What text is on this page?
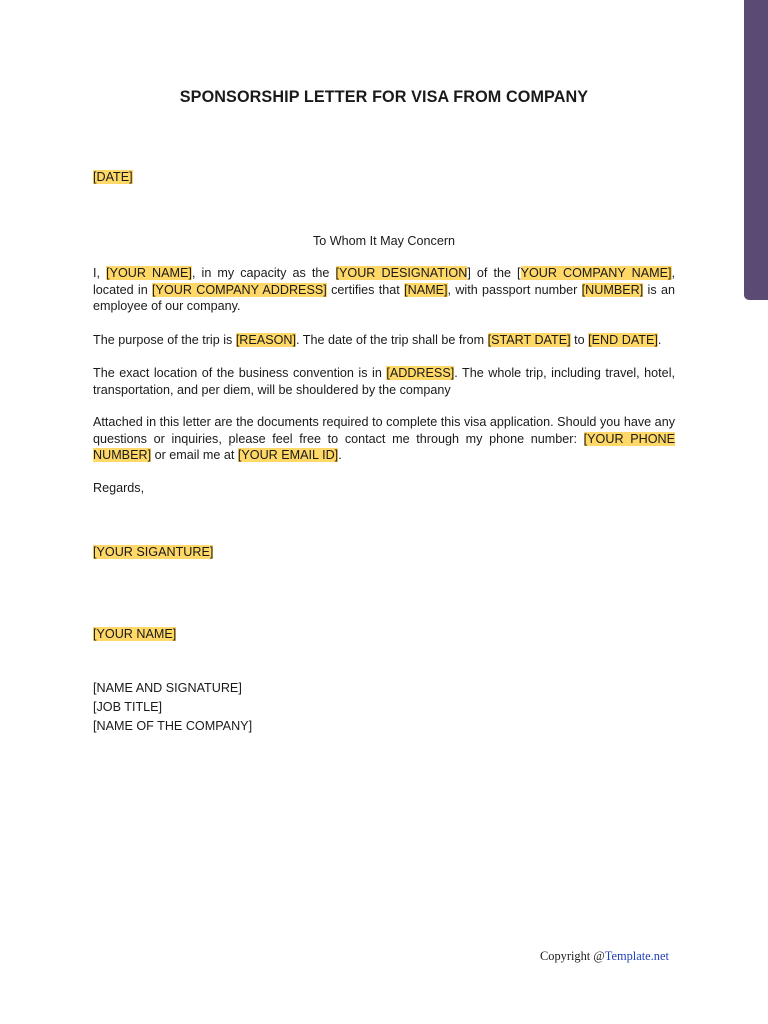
SPONSORSHIP LETTER FOR VISA FROM COMPANY
[DATE]
To Whom It May Concern
I, [YOUR NAME], in my capacity as the [YOUR DESIGNATION] of the [YOUR COMPANY NAME], located in [YOUR COMPANY ADDRESS] certifies that [NAME], with passport number [NUMBER] is an employee of our company.
The purpose of the trip is [REASON]. The date of the trip shall be from [START DATE] to [END DATE].
The exact location of the business convention is in [ADDRESS]. The whole trip, including travel, hotel, transportation, and per diem, will be shouldered by the company
Attached in this letter are the documents required to complete this visa application. Should you have any questions or inquiries, please feel free to contact me through my phone number: [YOUR PHONE NUMBER] or email me at [YOUR EMAIL ID].
Regards,
[YOUR SIGANTURE]
[YOUR NAME]
[NAME AND SIGNATURE]
[JOB TITLE]
[NAME OF THE COMPANY]
Copyright @Template.net
